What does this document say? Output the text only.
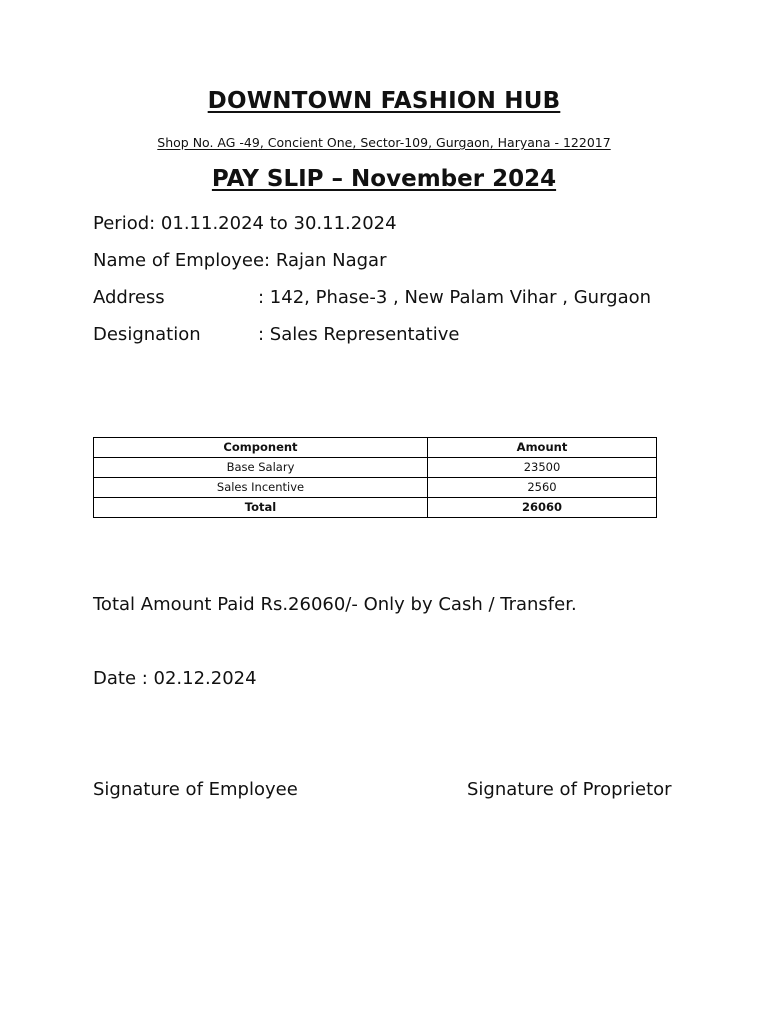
DOWNTOWN FASHION HUB
Shop No. AG -49, Concient One, Sector-109, Gurgaon, Haryana - 122017
PAY SLIP – November 2024
Period: 01.11.2024 to 30.11.2024
Name of Employee: Rajan Nagar
Address	: 142, Phase-3 , New Palam Vihar , Gurgaon
Designation	: Sales Representative
Component	Amount
Base Salary	23500
Sales Incentive	2560
Total	26060
Total Amount Paid Rs.26060/- Only by Cash / Transfer.
Date : 02.12.2024
Signature of Employee	Signature of Proprietor
